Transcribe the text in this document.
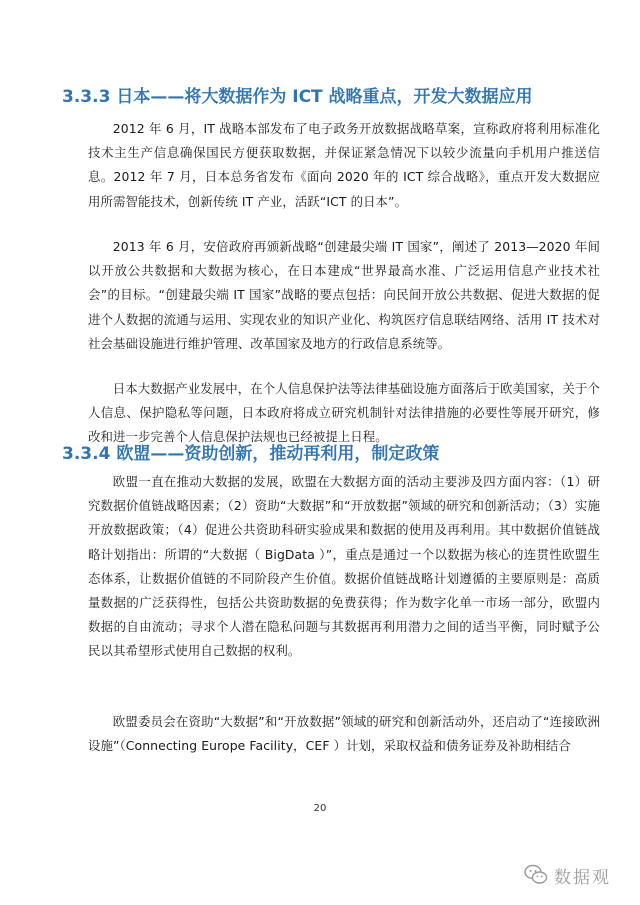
3.3.3 日本——将大数据作为 ICT 战略重点，开发大数据应用

2012 年 6 月，IT 战略本部发布了电子政务开放数据战略草案，宣称政府将利用标准化技术主生产信息确保国民方便获取数据，并保证紧急情况下以较少流量向手机用户推送信息。2012 年 7 月，日本总务省发布《面向 2020 年的 ICT 综合战略》，重点开发大数据应用所需智能技术，创新传统 IT 产业，活跃“ICT 的日本”。

2013 年 6 月，安倍政府再颁新战略“创建最尖端 IT 国家”，阐述了 2013—2020 年间以开放公共数据和大数据为核心，在日本建成“世界最高水准、广泛运用信息产业技术社会”的目标。“创建最尖端 IT 国家”战略的要点包括：向民间开放公共数据、促进大数据的促进个人数据的流通与运用、实现农业的知识产业化、构筑医疗信息联结网络、活用 IT 技术对社会基础设施进行维护管理、改革国家及地方的行政信息系统等。

日本大数据产业发展中，在个人信息保护法等法律基础设施方面落后于欧美国家，关于个人信息、保护隐私等问题，日本政府将成立研究机制针对法律措施的必要性等展开研究，修改和进一步完善个人信息保护法规也已经被提上日程。

3.3.4 欧盟——资助创新，推动再利用，制定政策

欧盟一直在推动大数据的发展，欧盟在大数据方面的活动主要涉及四方面内容：（1）研究数据价值链战略因素；（2）资助“大数据”和“开放数据”领域的研究和创新活动；（3）实施开放数据政策；（4）促进公共资助科研实验成果和数据的使用及再利用。其中数据价值链战略计划指出：所谓的“大数据（ BigData ）”，重点是通过一个以数据为核心的连贯性欧盟生态体系，让数据价值链的不同阶段产生价值。数据价值链战略计划遵循的主要原则是：高质量数据的广泛获得性，包括公共资助数据的免费获得；作为数字化单一市场一部分，欧盟内数据的自由流动；寻求个人潜在隐私问题与其数据再利用潜力之间的适当平衡，同时赋予公民以其希望形式使用自己数据的权利。

欧盟委员会在资助“大数据”和“开放数据”领域的研究和创新活动外，还启动了“连接欧洲设施”（Connecting Europe Facility，CEF ）计划，采取权益和债务证券及补助相结合

20
数据观
